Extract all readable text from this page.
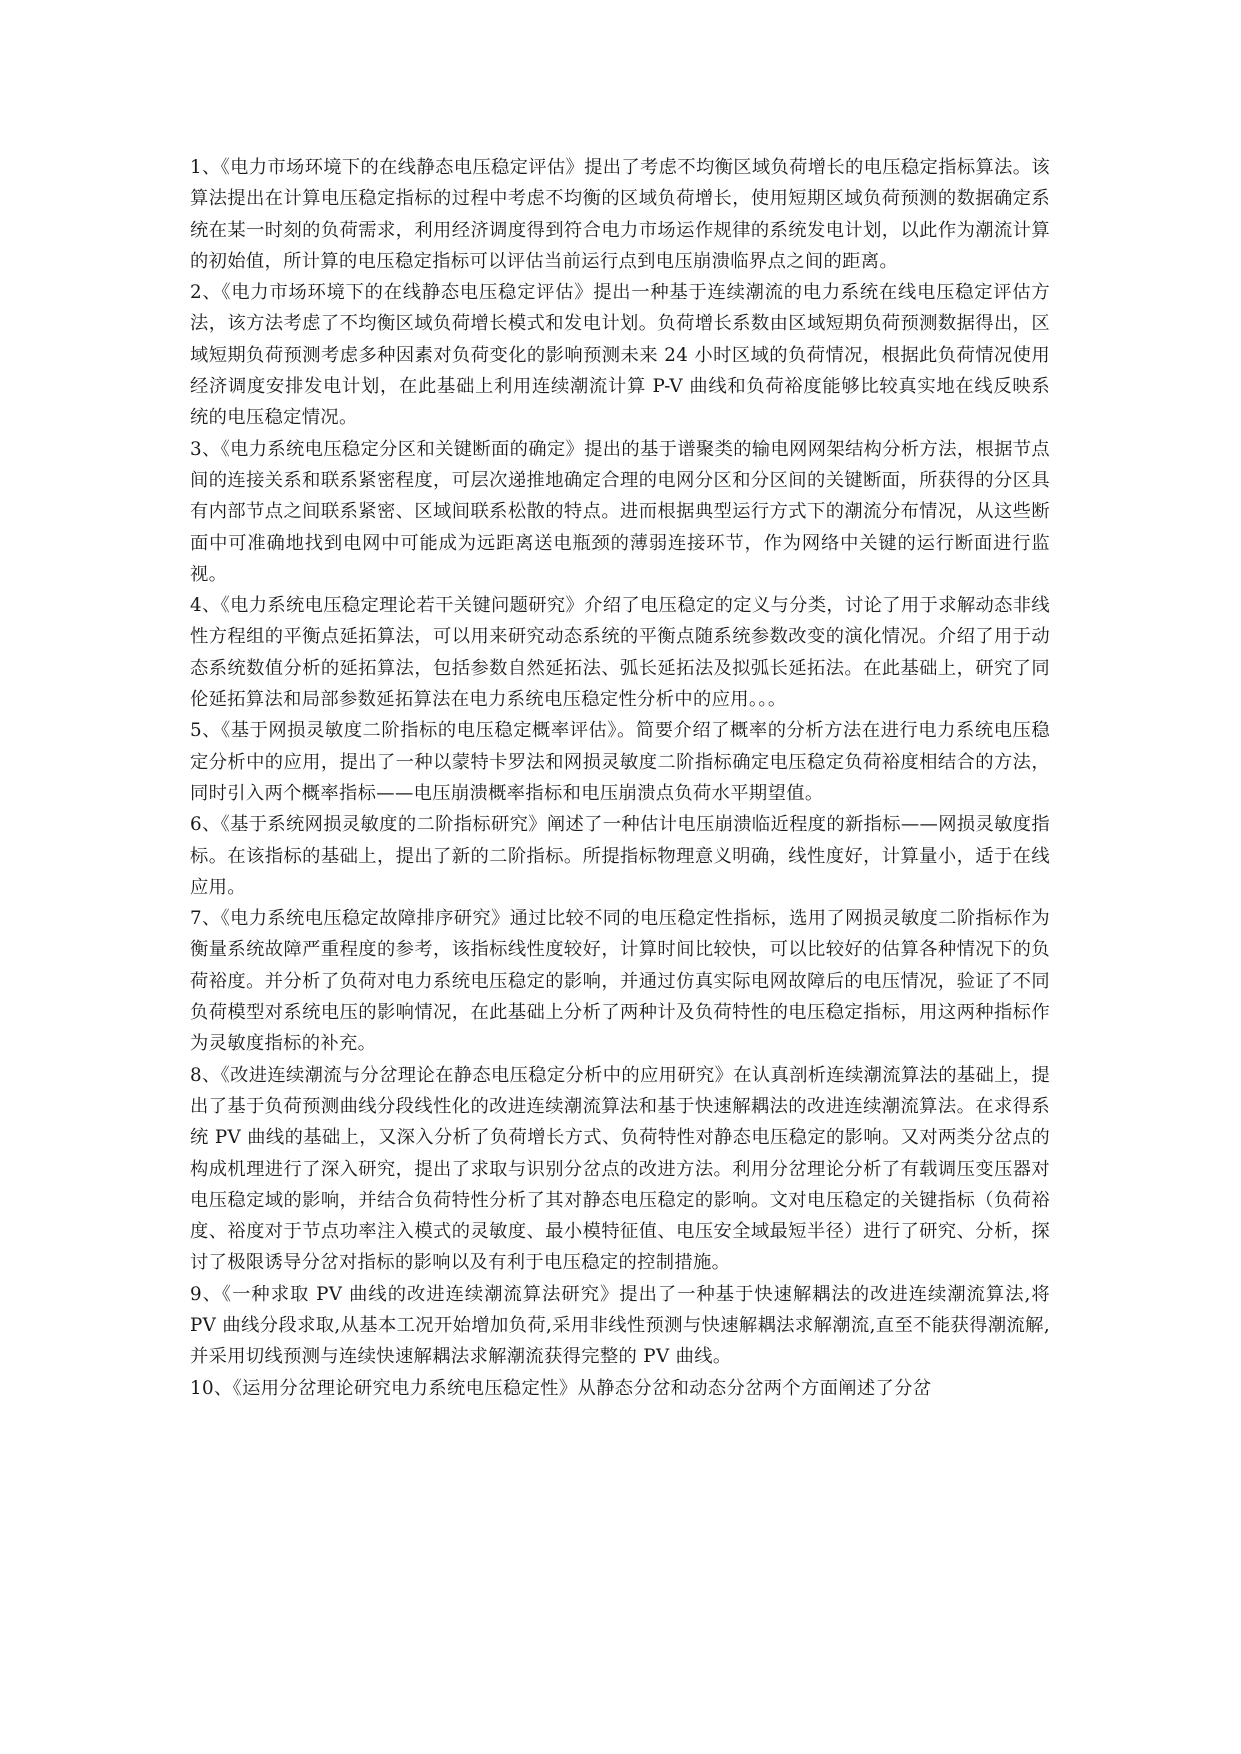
1、《电力市场环境下的在线静态电压稳定评估》提出了考虑不均衡区域负荷增长的电压稳定指标算法。该算法提出在计算电压稳定指标的过程中考虑不均衡的区域负荷增长，使用短期区域负荷预测的数据确定系统在某一时刻的负荷需求，利用经济调度得到符合电力市场运作规律的系统发电计划，以此作为潮流计算的初始值，所计算的电压稳定指标可以评估当前运行点到电压崩溃临界点之间的距离。

2、《电力市场环境下的在线静态电压稳定评估》提出一种基于连续潮流的电力系统在线电压稳定评估方法，该方法考虑了不均衡区域负荷增长模式和发电计划。负荷增长系数由区域短期负荷预测数据得出，区域短期负荷预测考虑多种因素对负荷变化的影响预测未来 24 小时区域的负荷情况，根据此负荷情况使用经济调度安排发电计划，在此基础上利用连续潮流计算 P-V 曲线和负荷裕度能够比较真实地在线反映系统的电压稳定情况。

3、《电力系统电压稳定分区和关键断面的确定》提出的基于谱聚类的输电网网架结构分析方法，根据节点间的连接关系和联系紧密程度，可层次递推地确定合理的电网分区和分区间的关键断面，所获得的分区具有内部节点之间联系紧密、区域间联系松散的特点。进而根据典型运行方式下的潮流分布情况，从这些断面中可准确地找到电网中可能成为远距离送电瓶颈的薄弱连接环节，作为网络中关键的运行断面进行监视。

4、《电力系统电压稳定理论若干关键问题研究》介绍了电压稳定的定义与分类，讨论了用于求解动态非线性方程组的平衡点延拓算法，可以用来研究动态系统的平衡点随系统参数改变的演化情况。介绍了用于动态系统数值分析的延拓算法，包括参数自然延拓法、弧长延拓法及拟弧长延拓法。在此基础上，研究了同伦延拓算法和局部参数延拓算法在电力系统电压稳定性分析中的应用。。。

5、《基于网损灵敏度二阶指标的电压稳定概率评估》。简要介绍了概率的分析方法在进行电力系统电压稳定分析中的应用，提出了一种以蒙特卡罗法和网损灵敏度二阶指标确定电压稳定负荷裕度相结合的方法，同时引入两个概率指标——电压崩溃概率指标和电压崩溃点负荷水平期望值。

6、《基于系统网损灵敏度的二阶指标研究》阐述了一种估计电压崩溃临近程度的新指标——网损灵敏度指标。在该指标的基础上，提出了新的二阶指标。所提指标物理意义明确，线性度好，计算量小，适于在线应用。

7、《电力系统电压稳定故障排序研究》通过比较不同的电压稳定性指标，选用了网损灵敏度二阶指标作为衡量系统故障严重程度的参考，该指标线性度较好，计算时间比较快，可以比较好的估算各种情况下的负荷裕度。并分析了负荷对电力系统电压稳定的影响，并通过仿真实际电网故障后的电压情况，验证了不同负荷模型对系统电压的影响情况，在此基础上分析了两种计及负荷特性的电压稳定指标，用这两种指标作为灵敏度指标的补充。

8、《改进连续潮流与分岔理论在静态电压稳定分析中的应用研究》在认真剖析连续潮流算法的基础上，提出了基于负荷预测曲线分段线性化的改进连续潮流算法和基于快速解耦法的改进连续潮流算法。在求得系统 PV 曲线的基础上，又深入分析了负荷增长方式、负荷特性对静态电压稳定的影响。又对两类分岔点的构成机理进行了深入研究，提出了求取与识别分岔点的改进方法。利用分岔理论分析了有载调压变压器对电压稳定域的影响，并结合负荷特性分析了其对静态电压稳定的影响。文对电压稳定的关键指标（负荷裕度、裕度对于节点功率注入模式的灵敏度、最小模特征值、电压安全域最短半径）进行了研究、分析，探讨了极限诱导分岔对指标的影响以及有利于电压稳定的控制措施。

9、《一种求取 PV 曲线的改进连续潮流算法研究》提出了一种基于快速解耦法的改进连续潮流算法,将 PV 曲线分段求取,从基本工况开始增加负荷,采用非线性预测与快速解耦法求解潮流,直至不能获得潮流解,并采用切线预测与连续快速解耦法求解潮流获得完整的 PV 曲线。

10、《运用分岔理论研究电力系统电压稳定性》从静态分岔和动态分岔两个方面阐述了分岔
